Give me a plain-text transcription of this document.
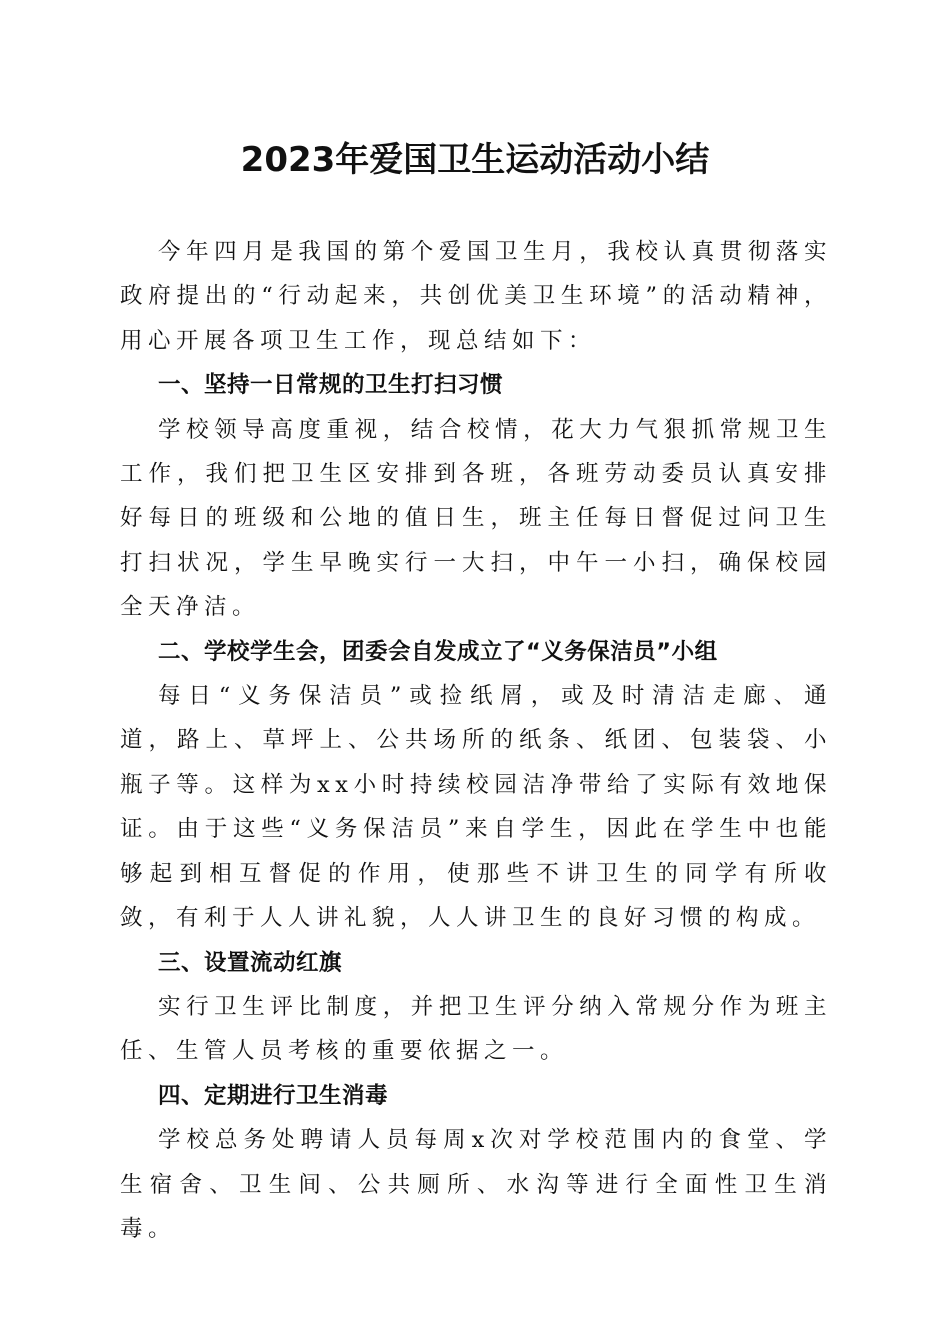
2023年爱国卫生运动活动小结

今年四月是我国的第个爱国卫生月，我校认真贯彻落实政府提出的“行动起来，共创优美卫生环境”的活动精神，用心开展各项卫生工作，现总结如下：

一、坚持一日常规的卫生打扫习惯

学校领导高度重视，结合校情，花大力气狠抓常规卫生工作，我们把卫生区安排到各班，各班劳动委员认真安排好每日的班级和公地的值日生，班主任每日督促过问卫生打扫状况，学生早晚实行一大扫，中午一小扫，确保校园全天净洁。

二、学校学生会，团委会自发成立了“义务保洁员”小组

每日“义务保洁员”或捡纸屑，或及时清洁走廊、通道，路上、草坪上、公共场所的纸条、纸团、包装袋、小瓶子等。这样为xx小时持续校园洁净带给了实际有效地保证。由于这些“义务保洁员”来自学生，因此在学生中也能够起到相互督促的作用，使那些不讲卫生的同学有所收敛，有利于人人讲礼貌，人人讲卫生的良好习惯的构成。

三、设置流动红旗

实行卫生评比制度，并把卫生评分纳入常规分作为班主任、生管人员考核的重要依据之一。

四、定期进行卫生消毒

学校总务处聘请人员每周x次对学校范围内的食堂、学生宿舍、卫生间、公共厕所、水沟等进行全面性卫生消毒。
